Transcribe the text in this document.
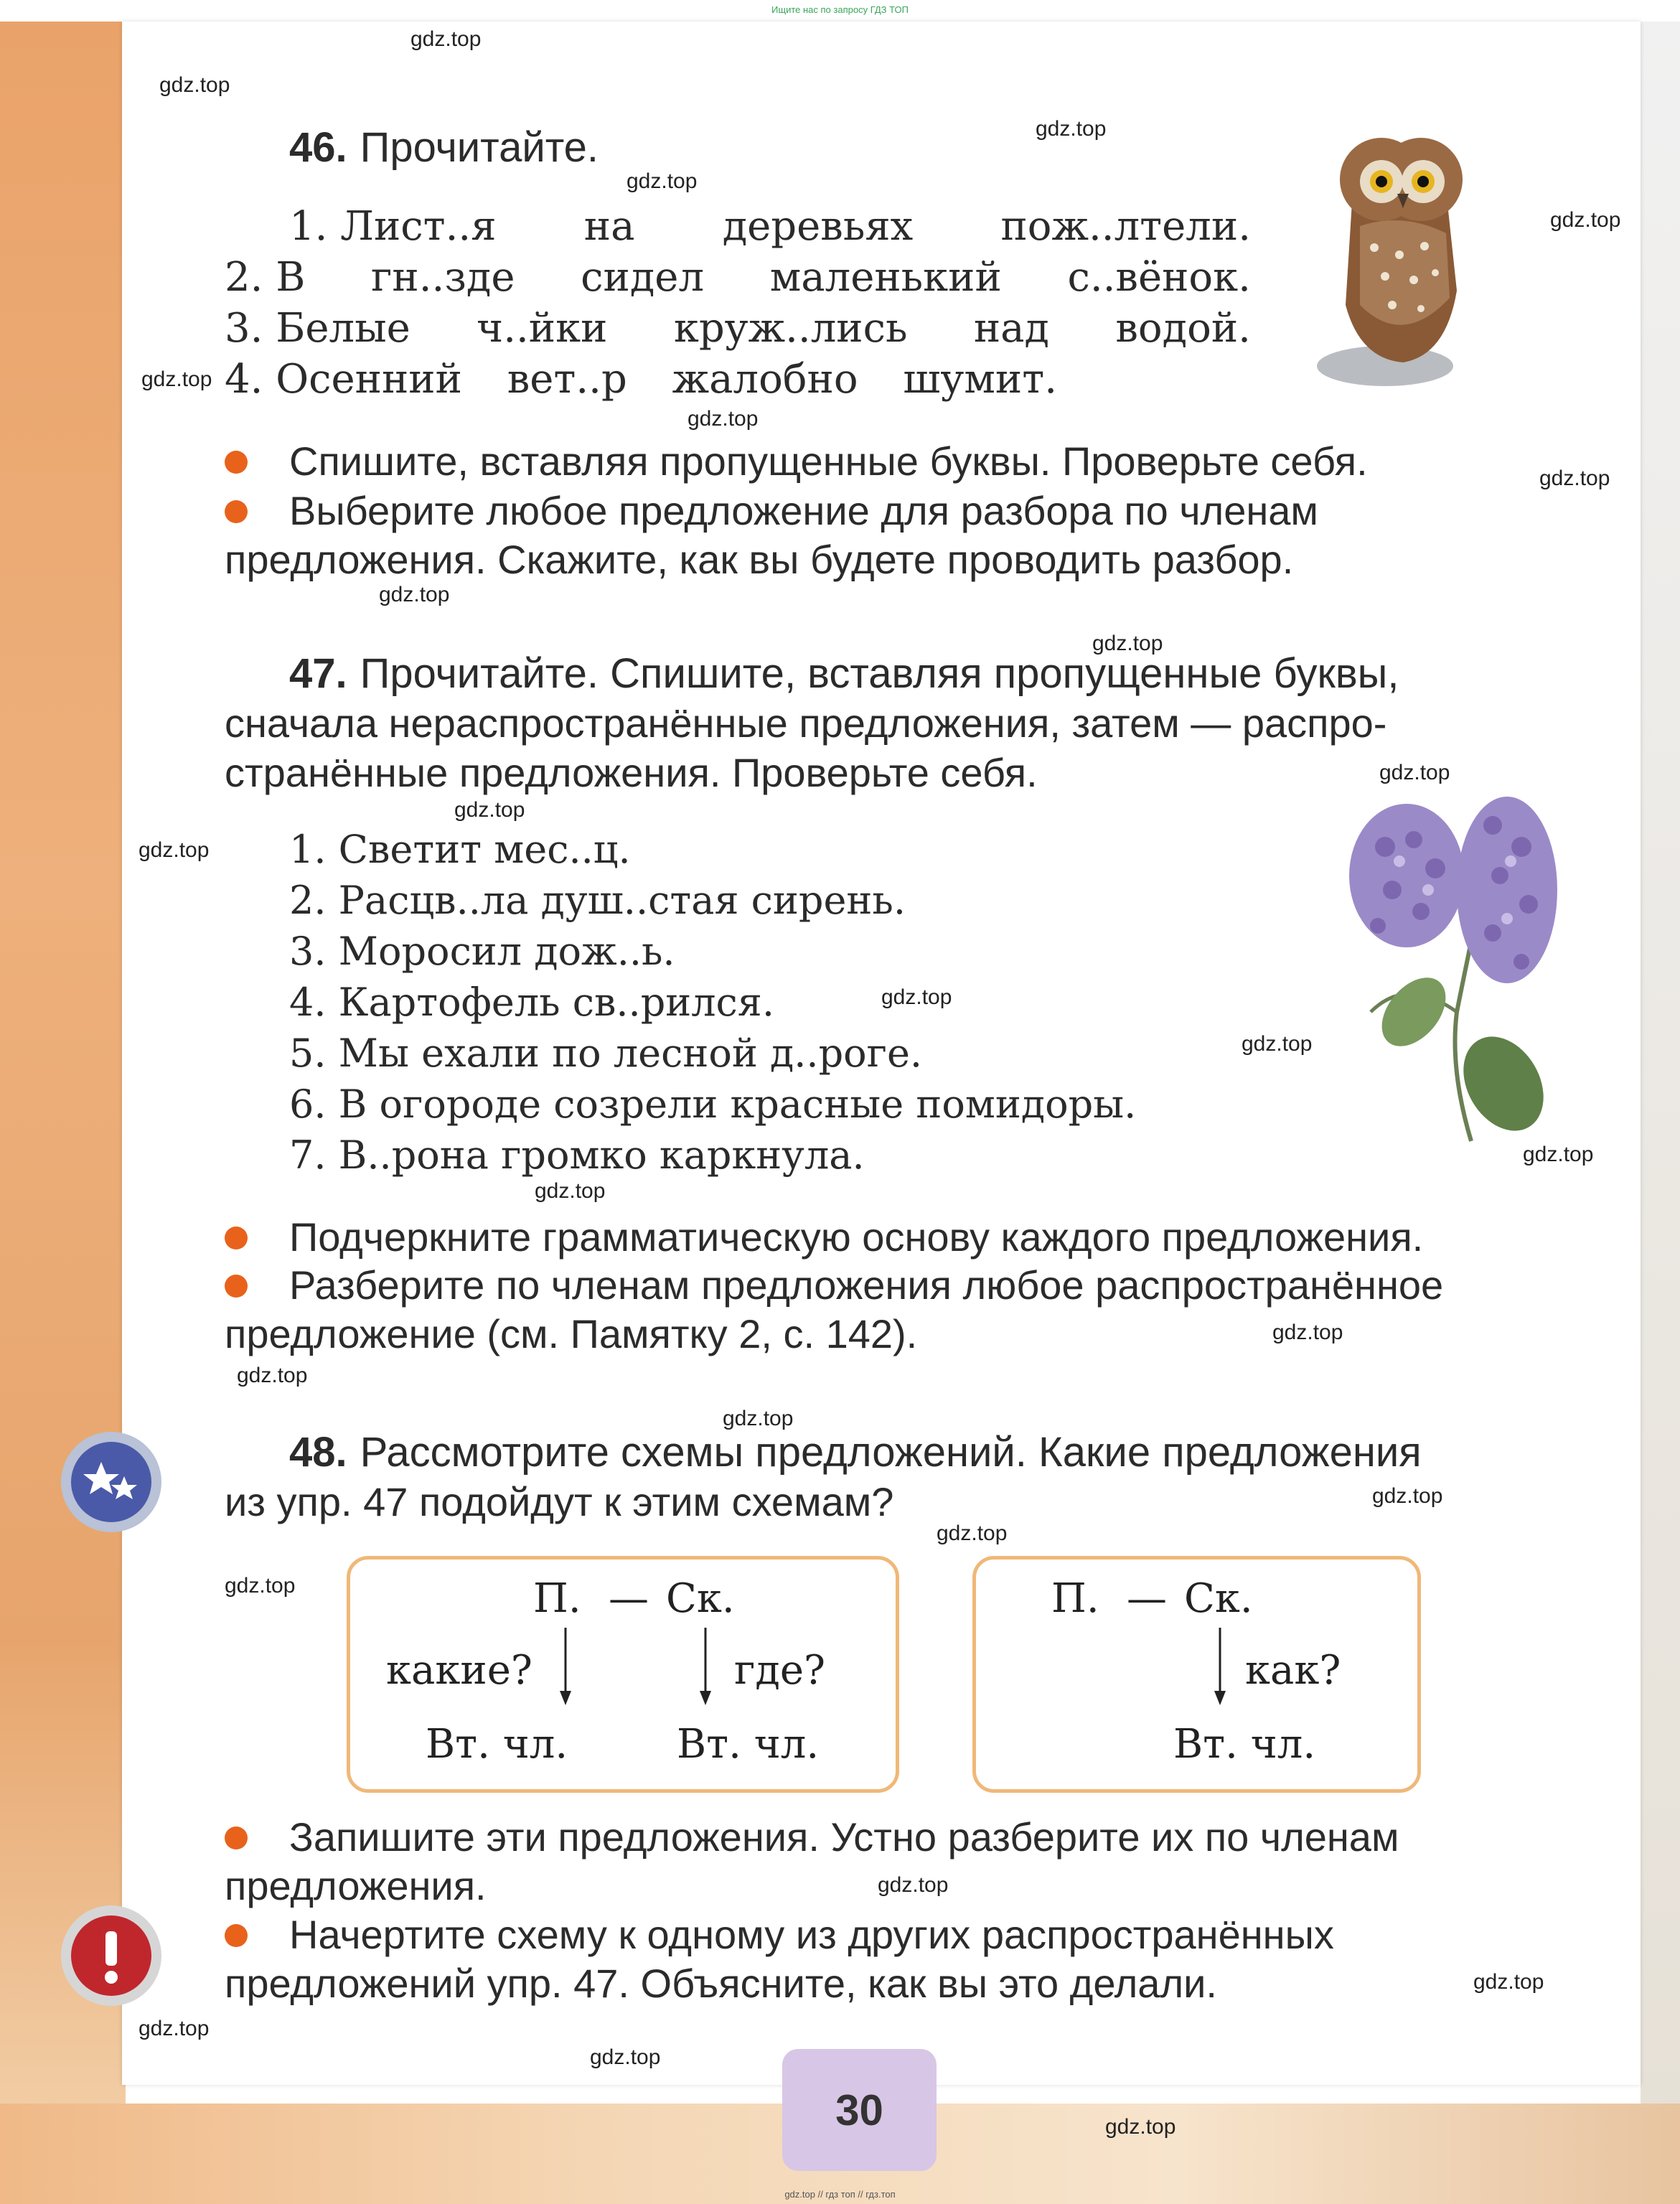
Ищите нас по запросу ГДЗ ТОП
gdz.top
gdz.top
gdz.top
gdz.top
gdz.top
gdz.top
gdz.top
gdz.top
gdz.top
gdz.top
gdz.top
gdz.top
gdz.top
gdz.top
gdz.top
gdz.top
gdz.top
gdz.top
gdz.top
gdz.top
gdz.top
gdz.top
gdz.top
gdz.top
gdz.top
gdz.top
gdz.top
gdz.top
46. Прочитайте.
1. Лист..я на деревьях пож..лтели.
2. В гн..зде сидел маленький с..вёнок.
3. Белые ч..йки круж..лись над водой.
4. Осенний вет..р жалобно шумит.
Спишите, вставляя пропущенные буквы. Проверьте себя.
Выберите любое предложение для разбора по членам
предложения. Скажите, как вы будете проводить разбор.
47. Прочитайте. Спишите, вставляя пропущенные буквы,
сначала нераспространённые предложения, затем — распро-
странённые предложения. Проверьте себя.
1. Светит мес..ц.
2. Расцв..ла душ..стая сирень.
3. Моросил дож..ь.
4. Картофель св..рился.
5. Мы ехали по лесной д..роге.
6. В огороде созрели красные помидоры.
7. В..рона громко каркнула.
Подчеркните грамматическую основу каждого предложения.
Разберите по членам предложения любое распространённое
предложение (см. Памятку 2, с. 142).
48. Рассмотрите схемы предложений. Какие предложения
из упр. 47 подойдут к этим схемам?
П. — Ск.
какие?	где?
Вт. чл.	Вт. чл.
П. — Ск.
как?
Вт. чл.
Запишите эти предложения. Устно разберите их по членам
предложения.
Начертите схему к одному из других распространённых
предложений упр. 47. Объясните, как вы это делали.
30
gdz.top // гдз топ // гдз.топ
